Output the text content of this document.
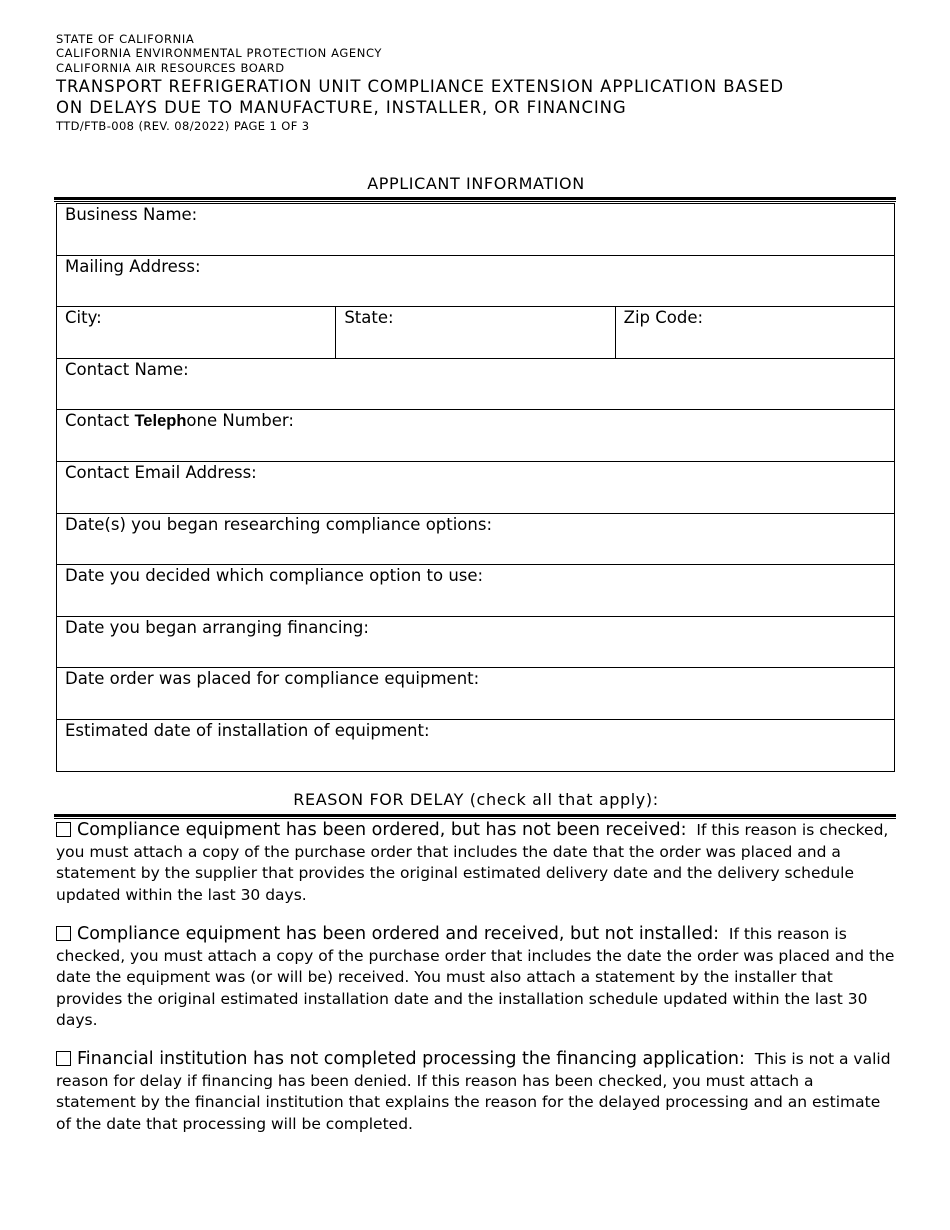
STATE OF CALIFORNIA
CALIFORNIA ENVIRONMENTAL PROTECTION AGENCY
CALIFORNIA AIR RESOURCES BOARD
TRANSPORT REFRIGERATION UNIT COMPLIANCE EXTENSION APPLICATION BASED
ON DELAYS DUE TO MANUFACTURE, INSTALLER, OR FINANCING
TTD/FTB-008 (REV. 08/2022) PAGE 1 OF 3
APPLICANT INFORMATION
Business Name:
Mailing Address:
City:	State:	Zip Code:
Contact Name:
Contact Telephone Number:
Contact Email Address:
Date(s) you began researching compliance options:
Date you decided which compliance option to use:
Date you began arranging financing:
Date order was placed for compliance equipment:
Estimated date of installation of equipment:
REASON FOR DELAY (check all that apply):
Compliance equipment has been ordered, but has not been received:  If this reason is checked, you must attach a copy of the purchase order that includes the date that the order was placed and a statement by the supplier that provides the original estimated delivery date and the delivery schedule updated within the last 30 days.
Compliance equipment has been ordered and received, but not installed:  If this reason is checked, you must attach a copy of the purchase order that includes the date the order was placed and the date the equipment was (or will be) received. You must also attach a statement by the installer that provides the original estimated installation date and the installation schedule updated within the last 30 days.
Financial institution has not completed processing the financing application:  This is not a valid reason for delay if financing has been denied. If this reason has been checked, you must attach a statement by the financial institution that explains the reason for the delayed processing and an estimate of the date that processing will be completed.
